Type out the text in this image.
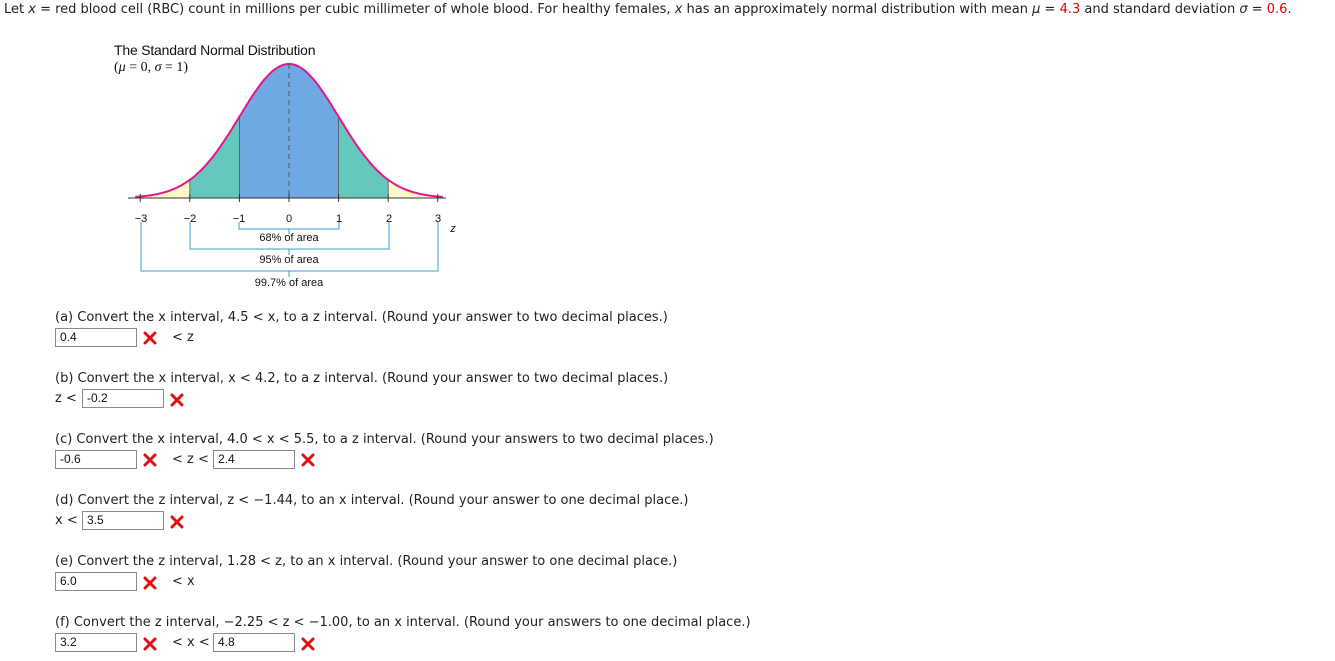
Let x = red blood cell (RBC) count in millions per cubic millimeter of whole blood. For healthy females, x has an approximately normal distribution with mean μ = 4.3 and standard deviation σ = 0.6.
The Standard Normal Distribution
(μ = 0, σ = 1)
−3	−2	−1	0	1	2	3
z
68% of area
95% of area
99.7% of area
(a) Convert the x interval, 4.5 < x, to a z interval. (Round your answer to two decimal places.)
0.4	< z
(b) Convert the x interval, x < 4.2, to a z interval. (Round your answer to two decimal places.)
z < -0.2
(c) Convert the x interval, 4.0 < x < 5.5, to a z interval. (Round your answers to two decimal places.)
-0.6	< z < 2.4
(d) Convert the z interval, z < −1.44, to an x interval. (Round your answer to one decimal place.)
x < 3.5
(e) Convert the z interval, 1.28 < z, to an x interval. (Round your answer to one decimal place.)
6.0	< x
(f) Convert the z interval, −2.25 < z < −1.00, to an x interval. (Round your answers to one decimal place.)
3.2	< x < 4.8
